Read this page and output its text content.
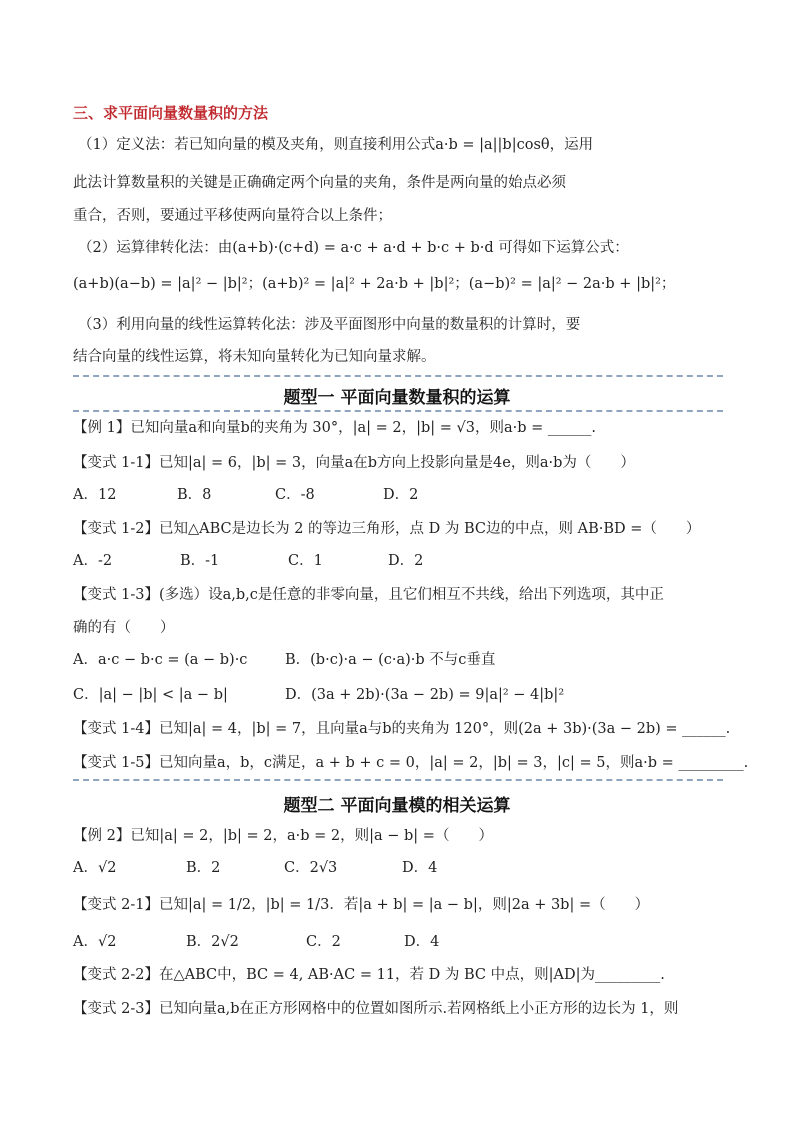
三、求平面向量数量积的方法
（1）定义法：若已知向量的模及夹角，则直接利用公式a·b = |a||b|cosθ，运用
此法计算数量积的关键是正确确定两个向量的夹角，条件是两向量的始点必须
重合，否则，要通过平移使两向量符合以上条件；
（2）运算律转化法：由(a+b)·(c+d) = a·c + a·d + b·c + b·d 可得如下运算公式：
(a+b)(a−b) = |a|² − |b|²；(a+b)² = |a|² + 2a·b + |b|²；(a−b)² = |a|² − 2a·b + |b|²；
（3）利用向量的线性运算转化法：涉及平面图形中向量的数量积的计算时，要
结合向量的线性运算，将未知向量转化为已知向量求解。
题型一 平面向量数量积的运算
【例 1】已知向量a和向量b的夹角为 30°，|a| = 2，|b| = √3，则a·b = ______.
【变式 1-1】已知|a| = 6，|b| = 3，向量a在b方向上投影向量是4e，则a·b为（　　）
A．12	B．8	C．-8	D．2
【变式 1-2】已知△ABC是边长为 2 的等边三角形，点 D 为 BC边的中点，则 AB·BD =（　　）
A．-2	B．-1	C．1	D．2
【变式 1-3】(多选）设a,b,c是任意的非零向量，且它们相互不共线，给出下列选项，其中正
确的有（　　）
A．a·c − b·c = (a − b)·c	B．(b·c)·a − (c·a)·b 不与c垂直
C．|a| − |b| < |a − b|	D．(3a + 2b)·(3a − 2b) = 9|a|² − 4|b|²
【变式 1-4】已知|a| = 4，|b| = 7，且向量a与b的夹角为 120°，则(2a + 3b)·(3a − 2b) = ______.
【变式 1-5】已知向量a，b，c满足，a + b + c = 0，|a| = 2，|b| = 3，|c| = 5，则a·b = _________.
题型二 平面向量模的相关运算
【例 2】已知|a| = 2，|b| = 2，a·b = 2，则|a − b| =（　　）
A．√2	B．2	C．2√3	D．4
【变式 2-1】已知|a| = 1/2，|b| = 1/3．若|a + b| = |a − b|，则|2a + 3b| =（　　）
A．√2	B．2√2	C．2	D．4
【变式 2-2】在△ABC中，BC = 4, AB·AC = 11，若 D 为 BC 中点，则|AD|为_________.
【变式 2-3】已知向量a,b在正方形网格中的位置如图所示.若网格纸上小正方形的边长为 1，则
